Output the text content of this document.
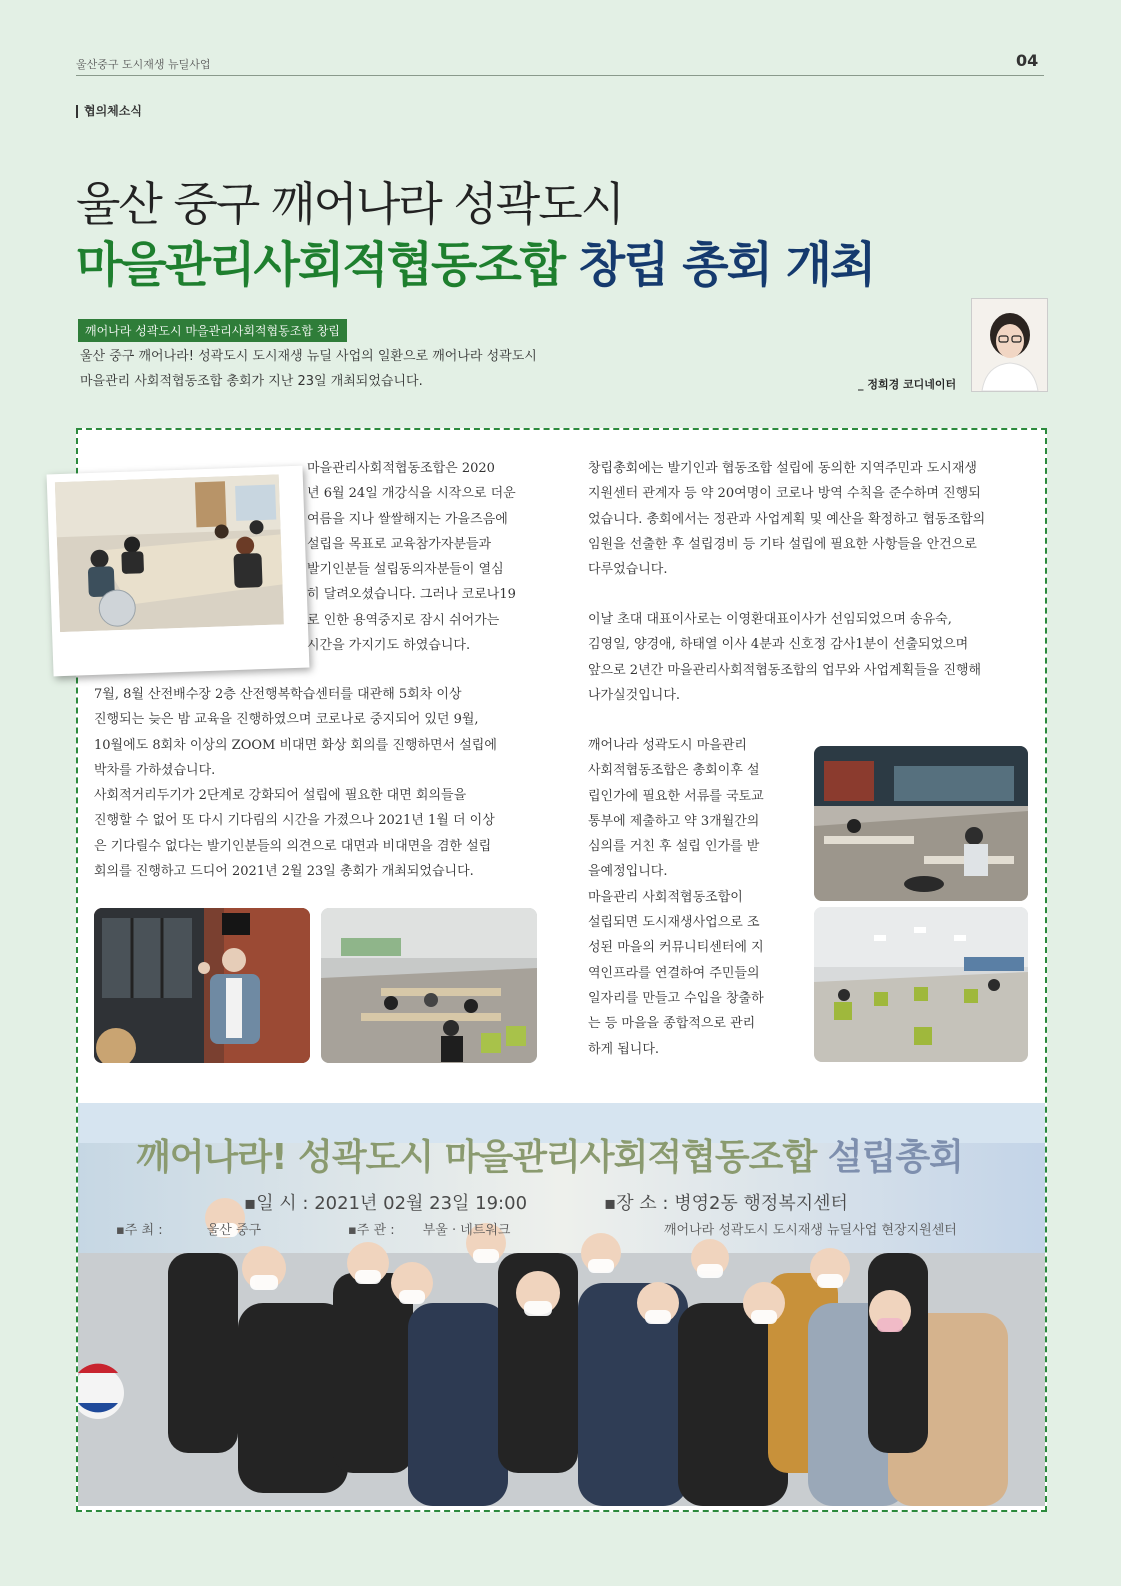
울산중구 도시재생 뉴딜사업	04
협의체소식
울산 중구 깨어나라 성곽도시
마을관리사회적협동조합 창립 총회 개최
깨어나라 성곽도시 마을관리사회적협동조합 창립
울산 중구 깨어나라! 성곽도시 도시재생 뉴딜 사업의 일환으로 깨어나라 성곽도시
마을관리 사회적협동조합 총회가 지난 23일 개최되었습니다.	_ 정희경 코디네이터
마을관리사회적협동조합은 2020
년 6월 24일 개강식을 시작으로 더운
여름을 지나 쌀쌀해지는 가을즈음에
설립을 목표로 교육참가자분들과
발기인분들 설립동의자분들이 열심
히 달려오셨습니다. 그러나 코로나19
로 인한 용역중지로 잠시 쉬어가는
시간을 가지기도 하였습니다.
7월, 8월 산전배수장 2층 산전행복학습센터를 대관해 5회차 이상
진행되는 늦은 밤 교육을 진행하였으며 코로나로 중지되어 있던 9월,
10월에도 8회차 이상의 ZOOM 비대면 화상 회의를 진행하면서 설립에
박차를 가하셨습니다.
사회적거리두기가 2단계로 강화되어 설립에 필요한 대면 회의들을
진행할 수 없어 또 다시 기다림의 시간을 가졌으나 2021년 1월 더 이상
은 기다릴수 없다는 발기인분들의 의견으로 대면과 비대면을 겸한 설립
회의를 진행하고 드디어 2021년 2월 23일 총회가 개최되었습니다.
창립총회에는 발기인과 협동조합 설립에 동의한 지역주민과 도시재생
지원센터 관계자 등 약 20여명이 코로나 방역 수칙을 준수하며 진행되
었습니다. 총회에서는 정관과 사업계획 및 예산을 확정하고 협동조합의
임원을 선출한 후 설립경비 등 기타 설립에 필요한 사항들을 안건으로
다루었습니다.
이날 초대 대표이사로는 이영환대표이사가 선임되었으며 송유숙,
김영일, 양경애, 하태열 이사 4분과 신호정 감사1분이 선출되었으며
앞으로 2년간 마을관리사회적협동조합의 업무와 사업계획들을 진행해
나가실것입니다.
깨어나라 성곽도시 마을관리
사회적협동조합은 총회이후 설
립인가에 필요한 서류를 국토교
통부에 제출하고 약 3개월간의
심의를 거친 후 설립 인가를 받
을예정입니다.
마을관리 사회적협동조합이
설립되면 도시재생사업으로 조
성된 마을의 커뮤니티센터에 지
역인프라를 연결하여 주민들의
일자리를 만들고 수입을 창출하
는 등 마을을 종합적으로 관리
하게 됩니다.
깨어나라! 성곽도시 마을관리사회적협동조합 설립총회
▪일 시 : 2021년 02월 23일 19:00	▪장 소 : 병영2동 행정복지센터
▪주 최 :	울산 중구	▪주 관 : 부울 · 네트워크	깨어나라 성곽도시 도시재생 뉴딜사업 현장지원센터
